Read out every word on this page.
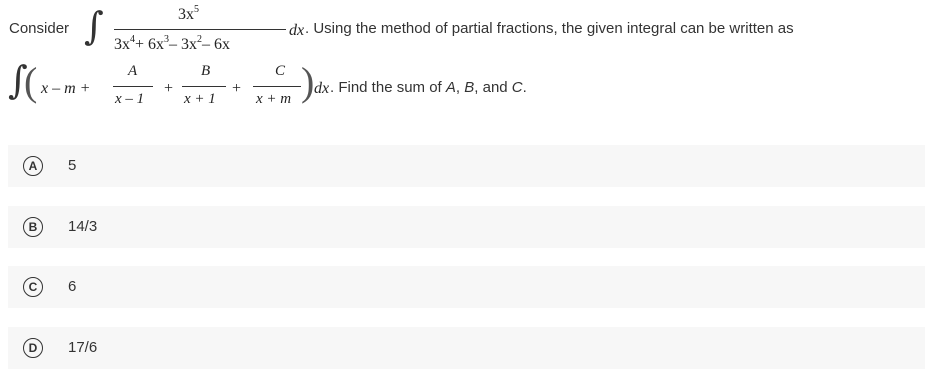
Consider ∫	$3x^5$
$3x^4+ 6x^3-$ $3x^2-$ 6x
dx . Using the method of partial fractions, the given integral can be written as
∫
( x – m +
A
x – 1
+
B
x + 1
+
C
x + m ) dx . Find the sum of A, B, and C.
A	5
B	14/3
C	6
D	17/6
